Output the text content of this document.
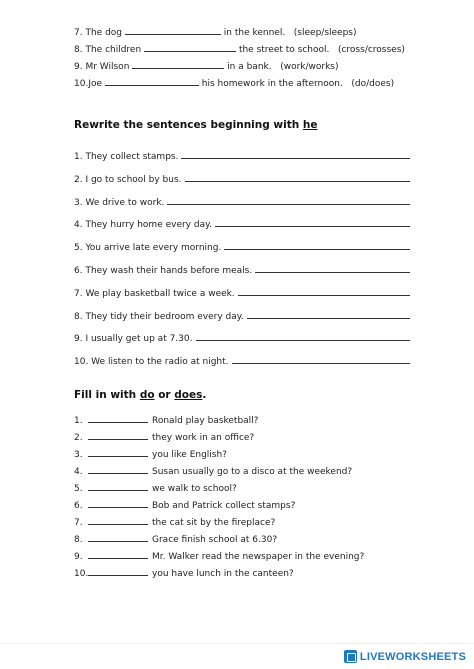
7. The dog	in the kennel. (sleep/sleeps)
8. The children	the street to school. (cross/crosses)
9. Mr Wilson	in a bank. (work/works)
10.Joe	his homework in the afternoon. (do/does)
Rewrite the sentences beginning with he
1. They collect stamps.
2. I go to school by bus.
3. We drive to work.
4. They hurry home every day.
5. You arrive late every morning.
6. They wash their hands before meals.
7. We play basketball twice a week.
8. They tidy their bedroom every day.
9. I usually get up at 7.30.
10. We listen to the radio at night.
Fill in with do or does.
1.	Ronald play basketball?
2.	they work in an office?
3.	you like English?
4.	Susan usually go to a disco at the weekend?
5.	we walk to school?
6.	Bob and Patrick collect stamps?
7.	the cat sit by the fireplace?
8.	Grace finish school at 6.30?
9.	Mr. Walker read the newspaper in the evening?
10.	you have lunch in the canteen?
LIVEWORKSHEETS
